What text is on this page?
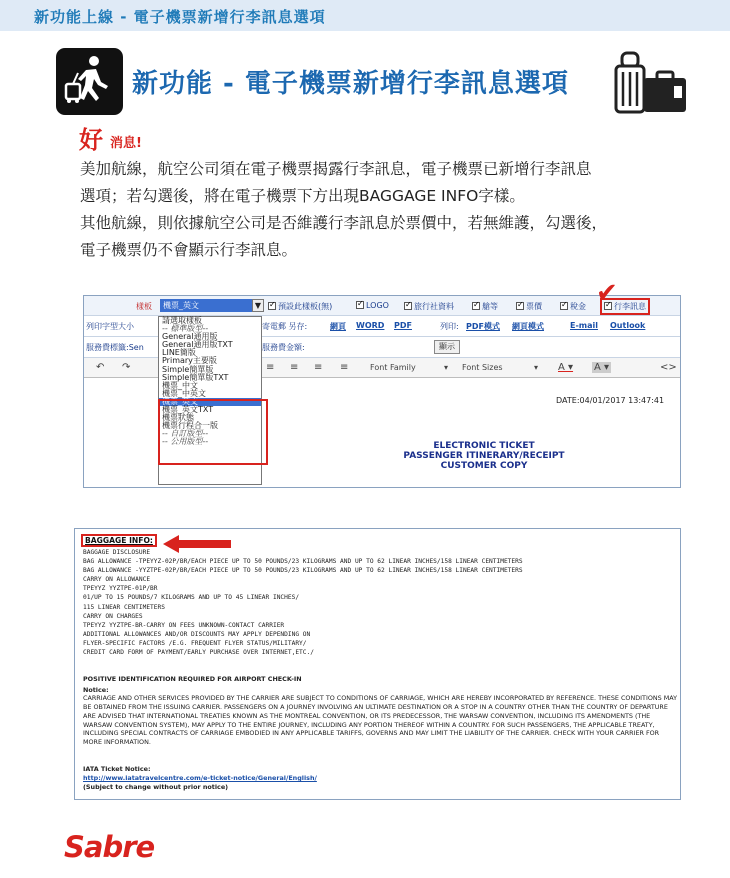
新功能上線 - 電子機票新增行李訊息選項
新功能 - 電子機票新增行李訊息選項
好 消息!
美加航線，航空公司須在電子機票揭露行李訊息，電子機票已新增行李訊息
選項；若勾選後，將在電子機票下方出現BAGGAGE INFO字樣。
其他航線，則依據航空公司是否維護行李訊息於票價中，若無維護，勾選後，
電子機票仍不會顯示行李訊息。
樣板	機票_英文	▼ ✓	預設此樣板(無) ✓	LOGO ✓	旅行社資料 ✓	艙等 ✓	票價 ✓	稅金 ✓	行李訊息
列印字型大小	寄電郵 另存:	網頁 WORD PDF	列印: PDF模式 網頁模式	E-mail Outlook
服務費標籤:Sen	服務費金額:	顯示
↶ ↷	≡ ≡ ≡ ≡	Font Family	▾ Font Sizes	▾ A ▾ A ▾	<>
請選取樣板
-- 標準版型--
General通用版
General通用版TXT
LINE簡版
Primary主要版
Simple簡單版
Simple簡單版TXT
機票_中文
機票_中英文
機票_英文
機票_英文TXT
機票狀態
機票行程合一版
-- 自訂版型--
-- 公用版型--
✔
DATE:04/01/2017 13:47:41
ELECTRONIC TICKET
PASSENGER ITINERARY/RECEIPT
CUSTOMER COPY
BAGGAGE INFO:
BAGGAGE DISCLOSURE
BAG ALLOWANCE -TPEYYZ-02P/BR/EACH PIECE UP TO 50 POUNDS/23 KILOGRAMS AND UP TO 62 LINEAR INCHES/158 LINEAR CENTIMETERS
BAG ALLOWANCE -YYZTPE-02P/BR/EACH PIECE UP TO 50 POUNDS/23 KILOGRAMS AND UP TO 62 LINEAR INCHES/158 LINEAR CENTIMETERS
CARRY ON ALLOWANCE
TPEYYZ YYZTPE-01P/BR
01/UP TO 15 POUNDS/7 KILOGRAMS AND UP TO 45 LINEAR INCHES/
115 LINEAR CENTIMETERS
CARRY ON CHARGES
TPEYYZ YYZTPE-BR-CARRY ON FEES UNKNOWN-CONTACT CARRIER
ADDITIONAL ALLOWANCES AND/OR DISCOUNTS MAY APPLY DEPENDING ON
FLYER-SPECIFIC FACTORS /E.G. FREQUENT FLYER STATUS/MILITARY/
CREDIT CARD FORM OF PAYMENT/EARLY PURCHASE OVER INTERNET,ETC./
POSITIVE IDENTIFICATION REQUIRED FOR AIRPORT CHECK-IN
Notice:
CARRIAGE AND OTHER SERVICES PROVIDED BY THE CARRIER ARE SUBJECT TO CONDITIONS OF CARRIAGE, WHICH ARE HEREBY INCORPORATED BY REFERENCE. THESE CONDITIONS MAY BE OBTAINED FROM THE ISSUING CARRIER. PASSENGERS ON A JOURNEY INVOLVING AN ULTIMATE DESTINATION OR A STOP IN A COUNTRY OTHER THAN THE COUNTRY OF DEPARTURE ARE ADVISED THAT INTERNATIONAL TREATIES KNOWN AS THE MONTREAL CONVENTION, OR ITS PREDECESSOR, THE WARSAW CONVENTION, INCLUDING ITS AMENDMENTS (THE WARSAW CONVENTION SYSTEM), MAY APPLY TO THE ENTIRE JOURNEY, INCLUDING ANY PORTION THEREOF WITHIN A COUNTRY. FOR SUCH PASSENGERS, THE APPLICABLE TREATY, INCLUDING SPECIAL CONTRACTS OF CARRIAGE EMBODIED IN ANY APPLICABLE TARIFFS, GOVERNS AND MAY LIMIT THE LIABILITY OF THE CARRIER. CHECK WITH YOUR CARRIER FOR MORE INFORMATION.
IATA Ticket Notice:
http://www.iatatravelcentre.com/e-ticket-notice/General/English/
(Subject to change without prior notice)
Sabre
